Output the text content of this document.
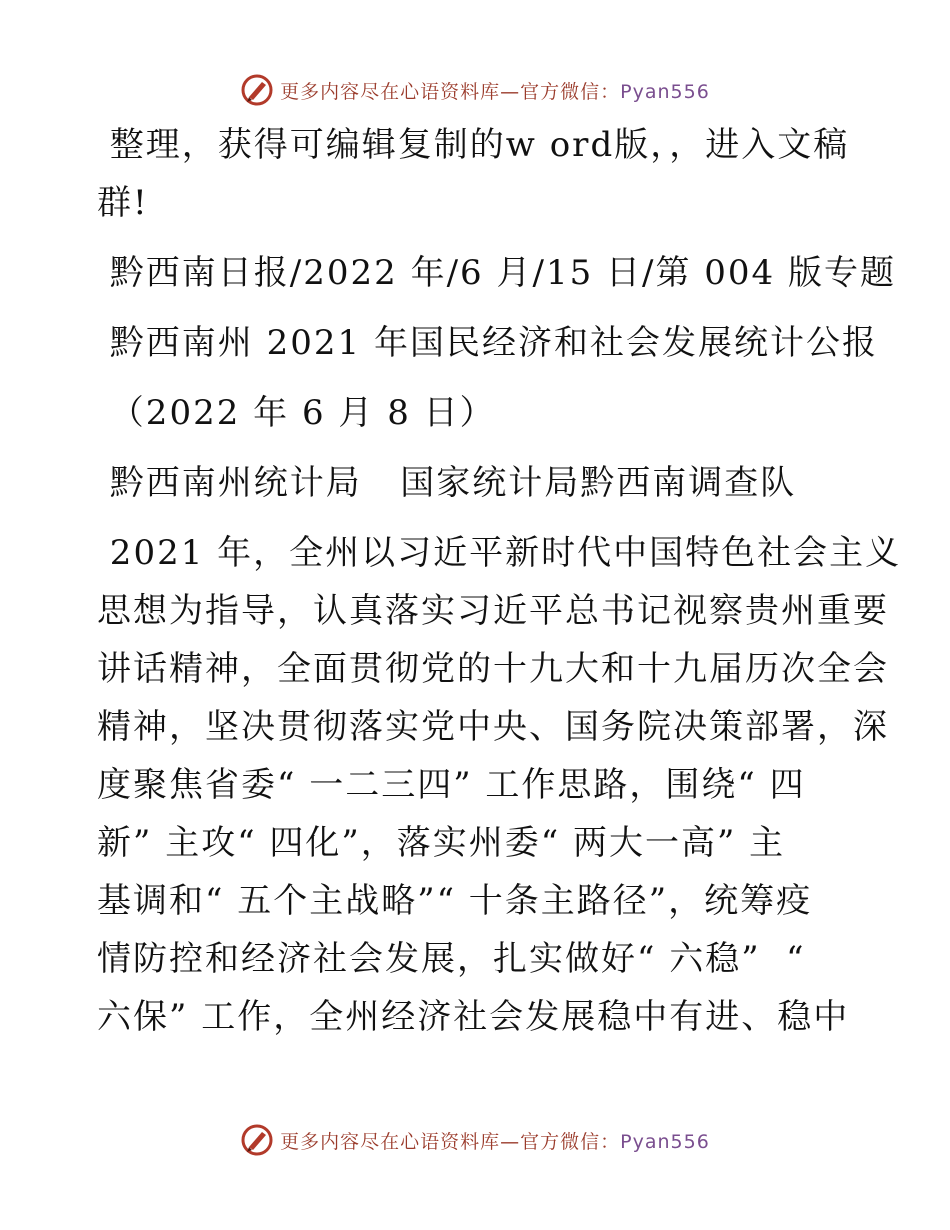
更多内容尽在心语资料库—官方微信：Pyan556
整理，获得可编辑复制的w ord版，，进入文稿
群!
黔西南日报/2022 年/6 月/15 日/第 004 版专题
黔西南州 2021 年国民经济和社会发展统计公报
（2022 年 6 月 8 日）
黔西南州统计局   国家统计局黔西南调查队
2021 年，全州以习近平新时代中国特色社会主义
思想为指导，认真落实习近平总书记视察贵州重要
讲话精神，全面贯彻党的十九大和十九届历次全会
精神，坚决贯彻落实党中央、国务院决策部署，深
度聚焦省委“ 一二三四” 工作思路，围绕“ 四
新” 主攻“ 四化”，落实州委“ 两大一高” 主
基调和“ 五个主战略”“ 十条主路径”，统筹疫
情防控和经济社会发展，扎实做好“ 六稳”  “
六保” 工作，全州经济社会发展稳中有进、稳中
更多内容尽在心语资料库—官方微信：Pyan556
